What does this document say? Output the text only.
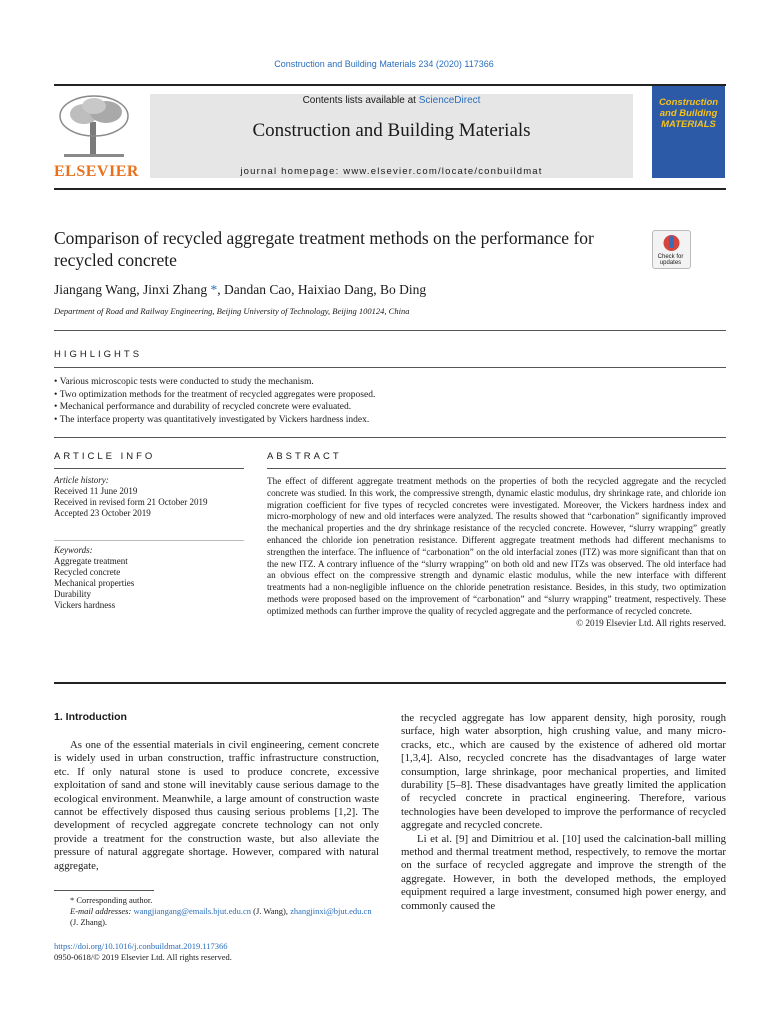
Construction and Building Materials 234 (2020) 117366
ELSEVIER
Contents lists available at ScienceDirect
Construction and Building Materials
journal homepage: www.elsevier.com/locate/conbuildmat
Construction and Building MATERIALS
Check for updates
Comparison of recycled aggregate treatment methods on the performance for recycled concrete
Jiangang Wang, Jinxi Zhang *, Dandan Cao, Haixiao Dang, Bo Ding
Department of Road and Railway Engineering, Beijing University of Technology, Beijing 100124, China
HIGHLIGHTS
• Various microscopic tests were conducted to study the mechanism.
• Two optimization methods for the treatment of recycled aggregates were proposed.
• Mechanical performance and durability of recycled concrete were evaluated.
• The interface property was quantitatively investigated by Vickers hardness index.
ARTICLE INFO	ABSTRACT
Article history:
Received 11 June 2019
Received in revised form 21 October 2019
Accepted 23 October 2019
Keywords:
Aggregate treatment
Recycled concrete
Mechanical properties
Durability
Vickers hardness
The effect of different aggregate treatment methods on the properties of both the recycled aggregate and the recycled concrete was studied. In this work, the compressive strength, dynamic elastic modulus, dry shrinkage rate, and chloride ion migration coefficient for five types of recycled concretes were investigated. Moreover, the Vickers hardness index and micro-morphology of new and old interfaces were analyzed. The results showed that “carbonation” significantly improved the mechanical properties and the dry shrinkage resistance of the recycled concrete. However, “slurry wrapping” greatly enhanced the chloride ion penetration resistance. Different aggregate treatment methods had different mechanisms to strengthen the interface. The influence of “carbonation” on the old interfacial zones (ITZ) was more significant than that on the new ITZ. A contrary influence of the “slurry wrapping” on both old and new ITZs was observed. The old interface had an obvious effect on the compressive strength and dynamic elastic modulus, while the new interface with different treatments had a non-negligible influence on the chloride penetration resistance. Besides, in this study, two optimization methods were proposed based on the improvement of “carbonation” and “slurry wrapping” treatment, respectively. These optimized methods can further improve the quality of recycled aggregate and the performance of recycled concrete.
© 2019 Elsevier Ltd. All rights reserved.
1. Introduction

As one of the essential materials in civil engineering, cement concrete is widely used in urban construction, traffic infrastructure construction, etc. If only natural stone is used to produce concrete, excessive exploitation of sand and stone will inevitably cause serious damage to the ecological environment. Meanwhile, a large amount of construction waste cannot be effectively disposed thus causing serious problems [1,2]. The development of recycled aggregate concrete technology can not only provide a treatment for the construction waste, but also alleviate the pressure of natural aggregate shortage. However, compared with natural aggregate,

the recycled aggregate has low apparent density, high porosity, rough surface, high water absorption, high crushing value, and many micro-cracks, etc., which are caused by the existence of adhered old mortar [1,3,4]. Also, recycled concrete has the disadvantages of large water consumption, large shrinkage, poor mechanical properties, and limited durability [5–8]. These disadvantages have greatly limited the application of recycled concrete in practical engineering. Therefore, various technologies have been developed to improve the performance of recycled aggregate and recycled concrete.

Li et al. [9] and Dimitriou et al. [10] used the calcination-ball milling method and thermal treatment method, respectively, to remove the mortar on the surface of recycled aggregate and improve the strength of the aggregate. However, in both the developed methods, the employed equipment required a large investment, consumed high power energy, and commonly caused the

* Corresponding author.
E-mail addresses: wangjiangang@emails.bjut.edu.cn (J. Wang), zhangjinxi@bjut.edu.cn (J. Zhang).
https://doi.org/10.1016/j.conbuildmat.2019.117366
0950-0618/© 2019 Elsevier Ltd. All rights reserved.
